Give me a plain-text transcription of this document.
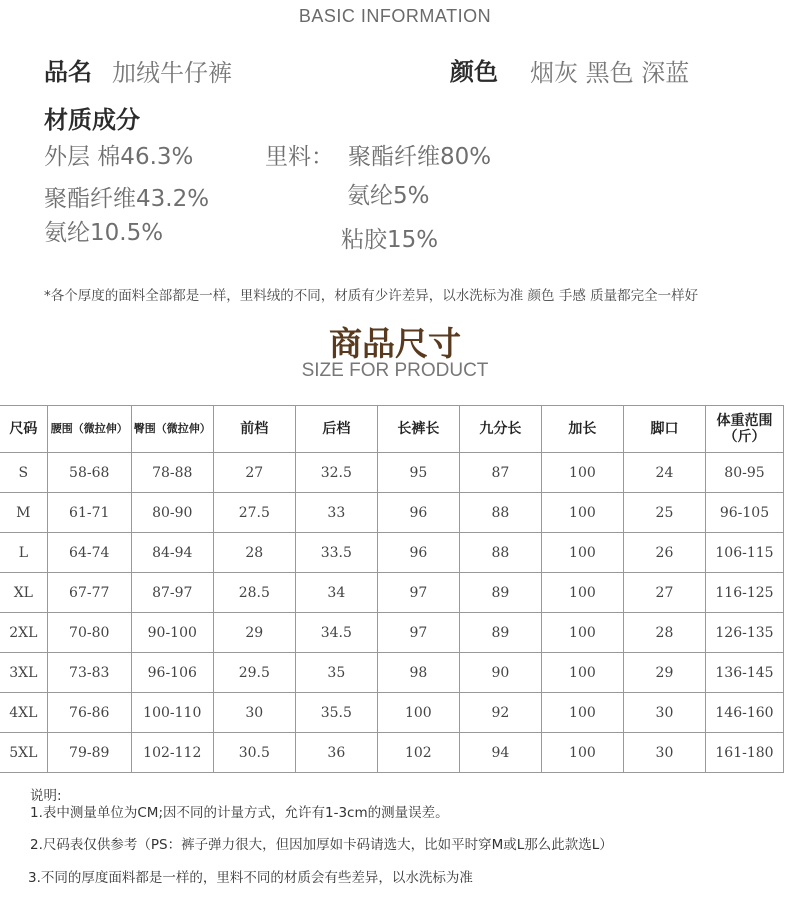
BASIC INFORMATION
品名 加绒牛仔裤	颜色 烟灰 黑色 深蓝
材质成分
外层 棉46.3%
聚酯纤维43.2%
氨纶10.5%
里料： 聚酯纤维80%
氨纶5%
粘胶15%
*各个厚度的面料全部都是一样，里料绒的不同，材质有少许差异，以水洗标为准 颜色 手感 质量都完全一样好
商品尺寸
SIZE FOR PRODUCT
尺码	腰围（微拉伸）	臀围（微拉伸）	前档	后档	长裤长	九分长	加长	脚口	体重范围（斤）
S	58-68	78-88	27	32.5	95	87	100	24	80-95
M	61-71	80-90	27.5	33	96	88	100	25	96-105
L	64-74	84-94	28	33.5	96	88	100	26	106-115
XL	67-77	87-97	28.5	34	97	89	100	27	116-125
2XL	70-80	90-100	29	34.5	97	89	100	28	126-135
3XL	73-83	96-106	29.5	35	98	90	100	29	136-145
4XL	76-86	100-110	30	35.5	100	92	100	30	146-160
5XL	79-89	102-112	30.5	36	102	94	100	30	161-180
说明:
1.表中测量单位为CM;因不同的计量方式，允许有1-3cm的测量误差。
2.尺码表仅供参考（PS：裤子弹力很大，但因加厚如卡码请选大，比如平时穿M或L那么此款选L）
3.不同的厚度面料都是一样的，里料不同的材质会有些差异，以水洗标为准
